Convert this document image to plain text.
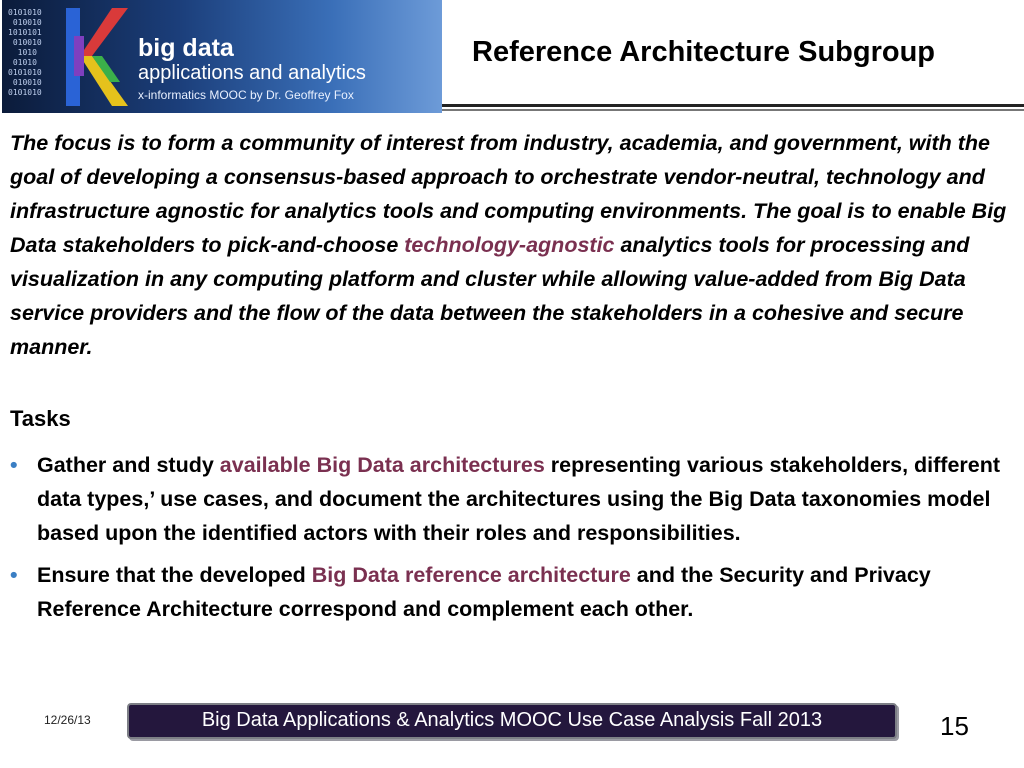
0101010
010010
1010101
010010
1010
01010
0101010
010010
0101010
big data
applications and analytics
x-informatics MOOC by Dr. Geoffrey Fox
Reference Architecture Subgroup

The focus is to form a community of interest from industry, academia, and government, with the goal of developing a consensus-based approach to orchestrate vendor-neutral, technology and infrastructure agnostic for analytics tools and computing environments. The goal is to enable Big Data stakeholders to pick-and-choose technology-agnostic analytics tools for processing and visualization in any computing platform and cluster while allowing value-added from Big Data service providers and the flow of the data between the stakeholders in a cohesive and secure manner.

Tasks
• Gather and study available Big Data architectures representing various stakeholders, different data types,’ use cases, and document the architectures using the Big Data taxonomies model based upon the identified actors with their roles and responsibilities.
• Ensure that the developed Big Data reference architecture and the Security and Privacy Reference Architecture correspond and complement each other.
12/26/13	Big Data Applications & Analytics MOOC Use Case Analysis Fall 2013	15
